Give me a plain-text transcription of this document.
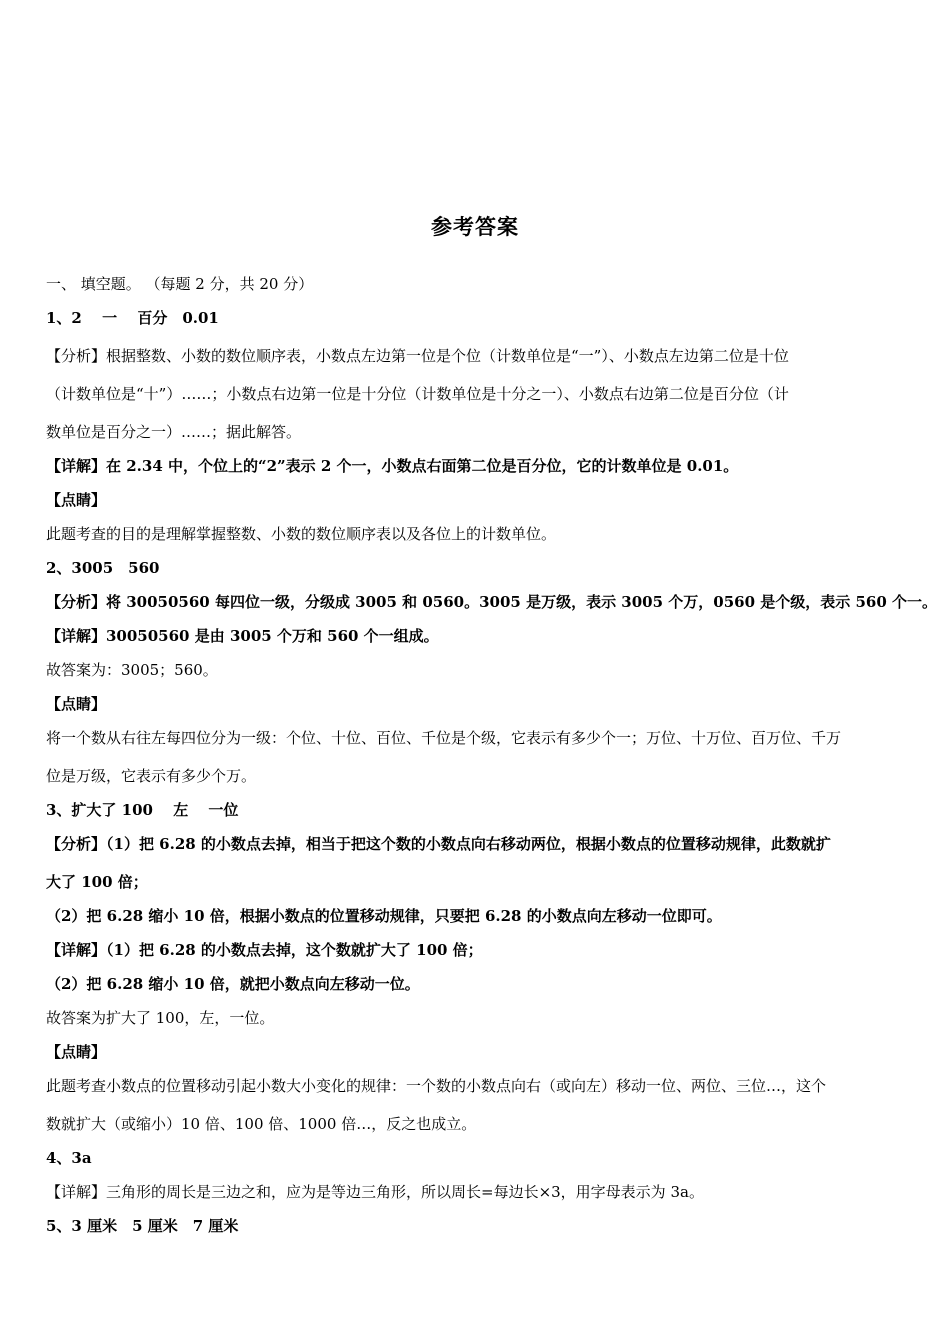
参考答案

一、 填空题。 （每题 2 分，共 20 分）

1、2　 一　 百分　0.01

【分析】根据整数、小数的数位顺序表，小数点左边第一位是个位（计数单位是“一”）、小数点左边第二位是十位

（计数单位是“十”）……；小数点右边第一位是十分位（计数单位是十分之一）、小数点右边第二位是百分位（计

数单位是百分之一）……；据此解答。

【详解】在 2.34 中，个位上的“2”表示 2 个一，小数点右面第二位是百分位，它的计数单位是 0.01。

【点睛】

此题考查的目的是理解掌握整数、小数的数位顺序表以及各位上的计数单位。

2、3005　560

【分析】将 30050560 每四位一级，分级成 3005 和 0560。3005 是万级，表示 3005 个万，0560 是个级，表示 560 个一。

【详解】30050560 是由 3005 个万和 560 个一组成。

故答案为：3005；560。

【点睛】

将一个数从右往左每四位分为一级：个位、十位、百位、千位是个级，它表示有多少个一；万位、十万位、百万位、千万

位是万级，它表示有多少个万。

3、扩大了 100　 左　 一位

【分析】（1）把 6.28 的小数点去掉，相当于把这个数的小数点向右移动两位，根据小数点的位置移动规律，此数就扩

大了 100 倍；

（2）把 6.28 缩小 10 倍，根据小数点的位置移动规律，只要把 6.28 的小数点向左移动一位即可。

【详解】（1）把 6.28 的小数点去掉，这个数就扩大了 100 倍；

（2）把 6.28 缩小 10 倍，就把小数点向左移动一位。

故答案为扩大了 100，左，一位。

【点睛】

此题考查小数点的位置移动引起小数大小变化的规律：一个数的小数点向右（或向左）移动一位、两位、三位…，这个

数就扩大（或缩小）10 倍、100 倍、1000 倍…，反之也成立。

4、3a

【详解】三角形的周长是三边之和，应为是等边三角形，所以周长=每边长×3，用字母表示为 3a。

5、3 厘米　5 厘米　7 厘米
